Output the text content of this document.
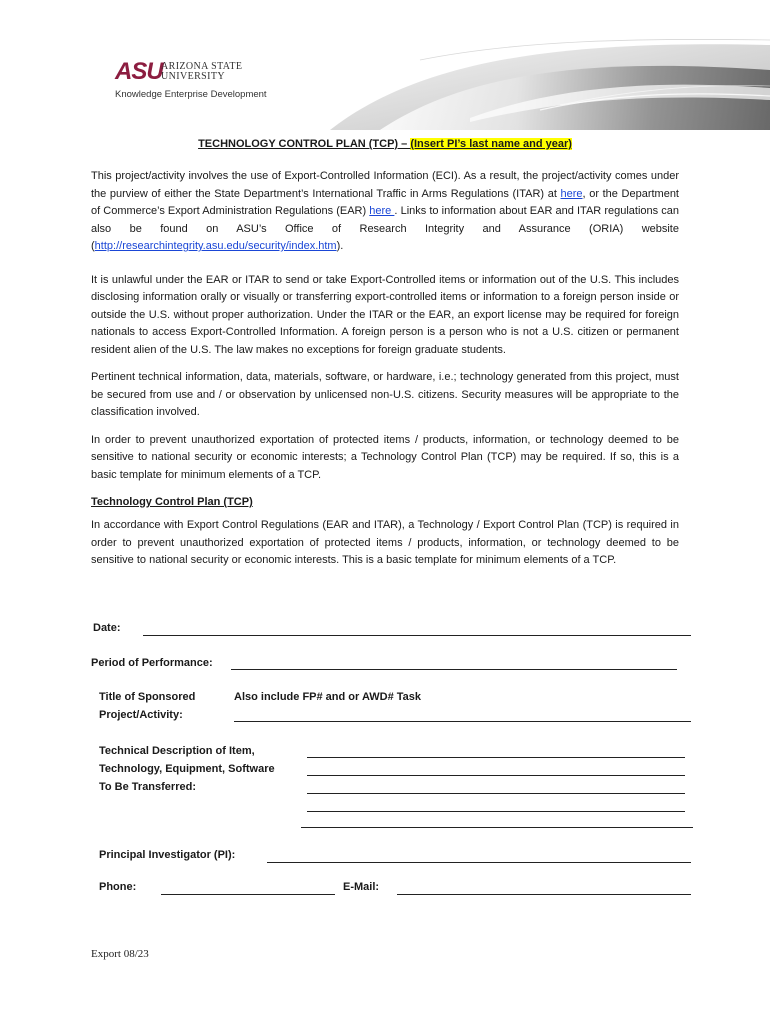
ASU
ARIZONA STATE
UNIVERSITY
Knowledge Enterprise Development
TECHNOLOGY CONTROL PLAN (TCP) – (Insert PI’s last name and year)

This project/activity involves the use of Export-Controlled Information (ECI). As a result, the project/activity comes under the purview of either the State Department’s International Traffic in Arms Regulations (ITAR) at here, or the Department of Commerce’s Export Administration Regulations (EAR) here . Links to information about EAR and ITAR regulations can also be found on ASU’s Office of Research Integrity and Assurance (ORIA) website (http://researchintegrity.asu.edu/security/index.htm).

It is unlawful under the EAR or ITAR to send or take Export-Controlled items or information out of the U.S. This includes disclosing information orally or visually or transferring export-controlled items or information to a foreign person inside or outside the U.S. without proper authorization. Under the ITAR or the EAR, an export license may be required for foreign nationals to access Export-Controlled Information. A foreign person is a person who is not a U.S. citizen or permanent resident alien of the U.S. The law makes no exceptions for foreign graduate students.

Pertinent technical information, data, materials, software, or hardware, i.e.; technology generated from this project, must be secured from use and / or observation by unlicensed non-U.S. citizens. Security measures will be appropriate to the classification involved.

In order to prevent unauthorized exportation of protected items / products, information, or technology deemed to be sensitive to national security or economic interests; a Technology Control Plan (TCP) may be required. If so, this is a basic template for minimum elements of a TCP.

Technology Control Plan (TCP)

In accordance with Export Control Regulations (EAR and ITAR), a Technology / Export Control Plan (TCP) is required in order to prevent unauthorized exportation of protected items / products, information, or technology deemed to be sensitive to national security or economic interests. This is a basic template for minimum elements of a TCP.

Date:
Period of Performance:
Title of Sponsored
Project/Activity:
Also include FP# and or AWD# Task
Technical Description of Item,
Technology, Equipment, Software
To Be Transferred:
Principal Investigator (PI):
Phone:	E-Mail:
Export 08/23
